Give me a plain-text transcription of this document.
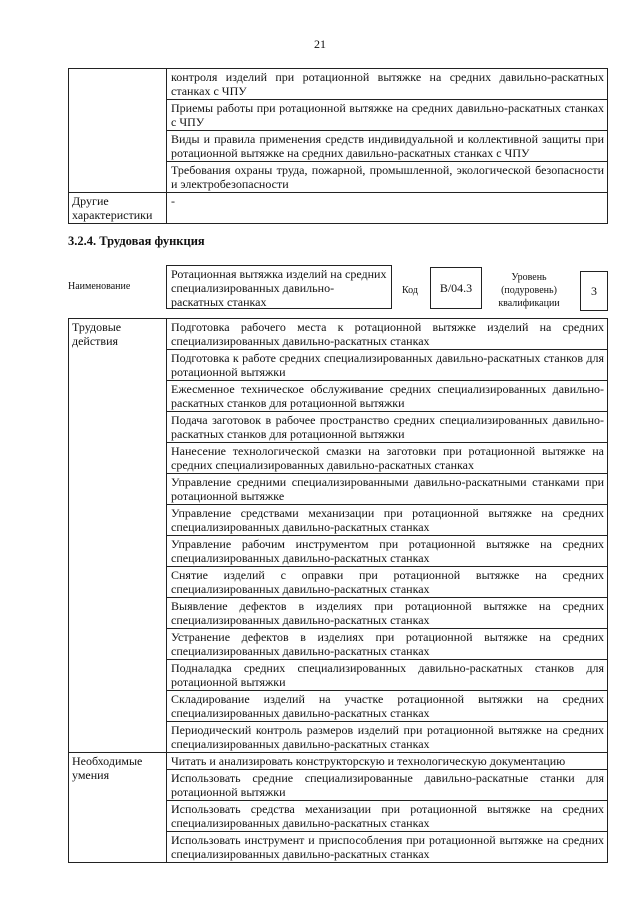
21
	контроля изделий при ротационной вытяжке на средних давильно-раскатных станках с ЧПУ
	Приемы работы при ротационной вытяжке на средних давильно-раскатных станках с ЧПУ
	Виды и правила применения средств индивидуальной и коллективной защиты при ротационной вытяжке на средних давильно-раскатных станках с ЧПУ
	Требования охраны труда, пожарной, промышленной, экологической безопасности и электробезопасности
Другие характеристики	-
3.2.4. Трудовая функция
Наименование
Ротационная вытяжка изделий на средних специализированных давильно-раскатных станках
Код	B/04.3
Уровень (подуровень) квалификации
3
Трудовые действия	Подготовка рабочего места к ротационной вытяжке изделий на средних специализированных давильно-раскатных станках
	Подготовка к работе средних специализированных давильно-раскатных станков для ротационной вытяжки
	Ежесменное техническое обслуживание средних специализированных давильно-раскатных станков для ротационной вытяжки
	Подача заготовок в рабочее пространство средних специализированных давильно-раскатных станков для ротационной вытяжки
	Нанесение технологической смазки на заготовки при ротационной вытяжке на средних специализированных давильно-раскатных станках
	Управление средними специализированными давильно-раскатными станками при ротационной вытяжке
	Управление средствами механизации при ротационной вытяжке на средних специализированных давильно-раскатных станках
	Управление рабочим инструментом при ротационной вытяжке на средних специализированных давильно-раскатных станках
	Снятие изделий с оправки при ротационной вытяжке на средних специализированных давильно-раскатных станках
	Выявление дефектов в изделиях при ротационной вытяжке на средних специализированных давильно-раскатных станках
	Устранение дефектов в изделиях при ротационной вытяжке на средних специализированных давильно-раскатных станках
	Подналадка средних специализированных давильно-раскатных станков для ротационной вытяжки
	Складирование изделий на участке ротационной вытяжки на средних специализированных давильно-раскатных станках
	Периодический контроль размеров изделий при ротационной вытяжке на средних специализированных давильно-раскатных станках
Необходимые умения	Читать и анализировать конструкторскую и технологическую документацию
	Использовать средние специализированные давильно-раскатные станки для ротационной вытяжки
	Использовать средства механизации при ротационной вытяжке на средних специализированных давильно-раскатных станках
	Использовать инструмент и приспособления при ротационной вытяжке на средних специализированных давильно-раскатных станках
